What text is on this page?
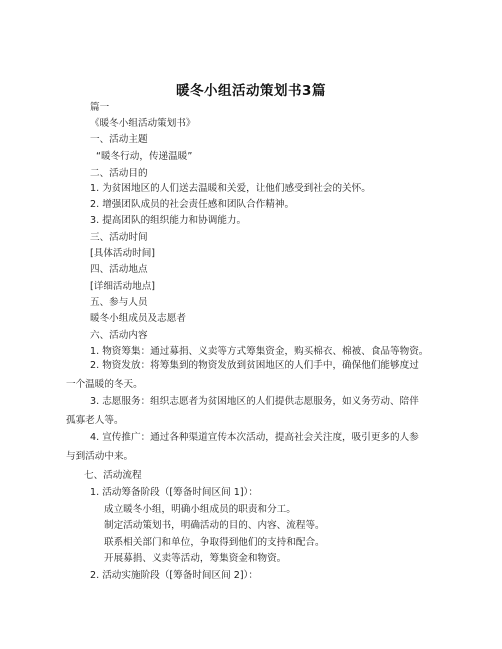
暖冬小组活动策划书3篇
篇一
《暖冬小组活动策划书》
一、活动主题
“暖冬行动，传递温暖”
二、活动目的
1. 为贫困地区的人们送去温暖和关爱，让他们感受到社会的关怀。
2. 增强团队成员的社会责任感和团队合作精神。
3. 提高团队的组织能力和协调能力。
三、活动时间
[具体活动时间]
四、活动地点
[详细活动地点]
五、参与人员
暖冬小组成员及志愿者
六、活动内容
1. 物资筹集：通过募捐、义卖等方式筹集资金，购买棉衣、棉被、食品等物资。
2. 物资发放：将筹集到的物资发放到贫困地区的人们手中，确保他们能够度过一个温暖的冬天。
3. 志愿服务：组织志愿者为贫困地区的人们提供志愿服务，如义务劳动、陪伴孤寡老人等。
4. 宣传推广：通过各种渠道宣传本次活动，提高社会关注度，吸引更多的人参与到活动中来。
七、活动流程
1. 活动筹备阶段（[筹备时间区间 1]）：
成立暖冬小组，明确小组成员的职责和分工。
制定活动策划书，明确活动的目的、内容、流程等。
联系相关部门和单位，争取得到他们的支持和配合。
开展募捐、义卖等活动，筹集资金和物资。
2. 活动实施阶段（[筹备时间区间 2]）：
